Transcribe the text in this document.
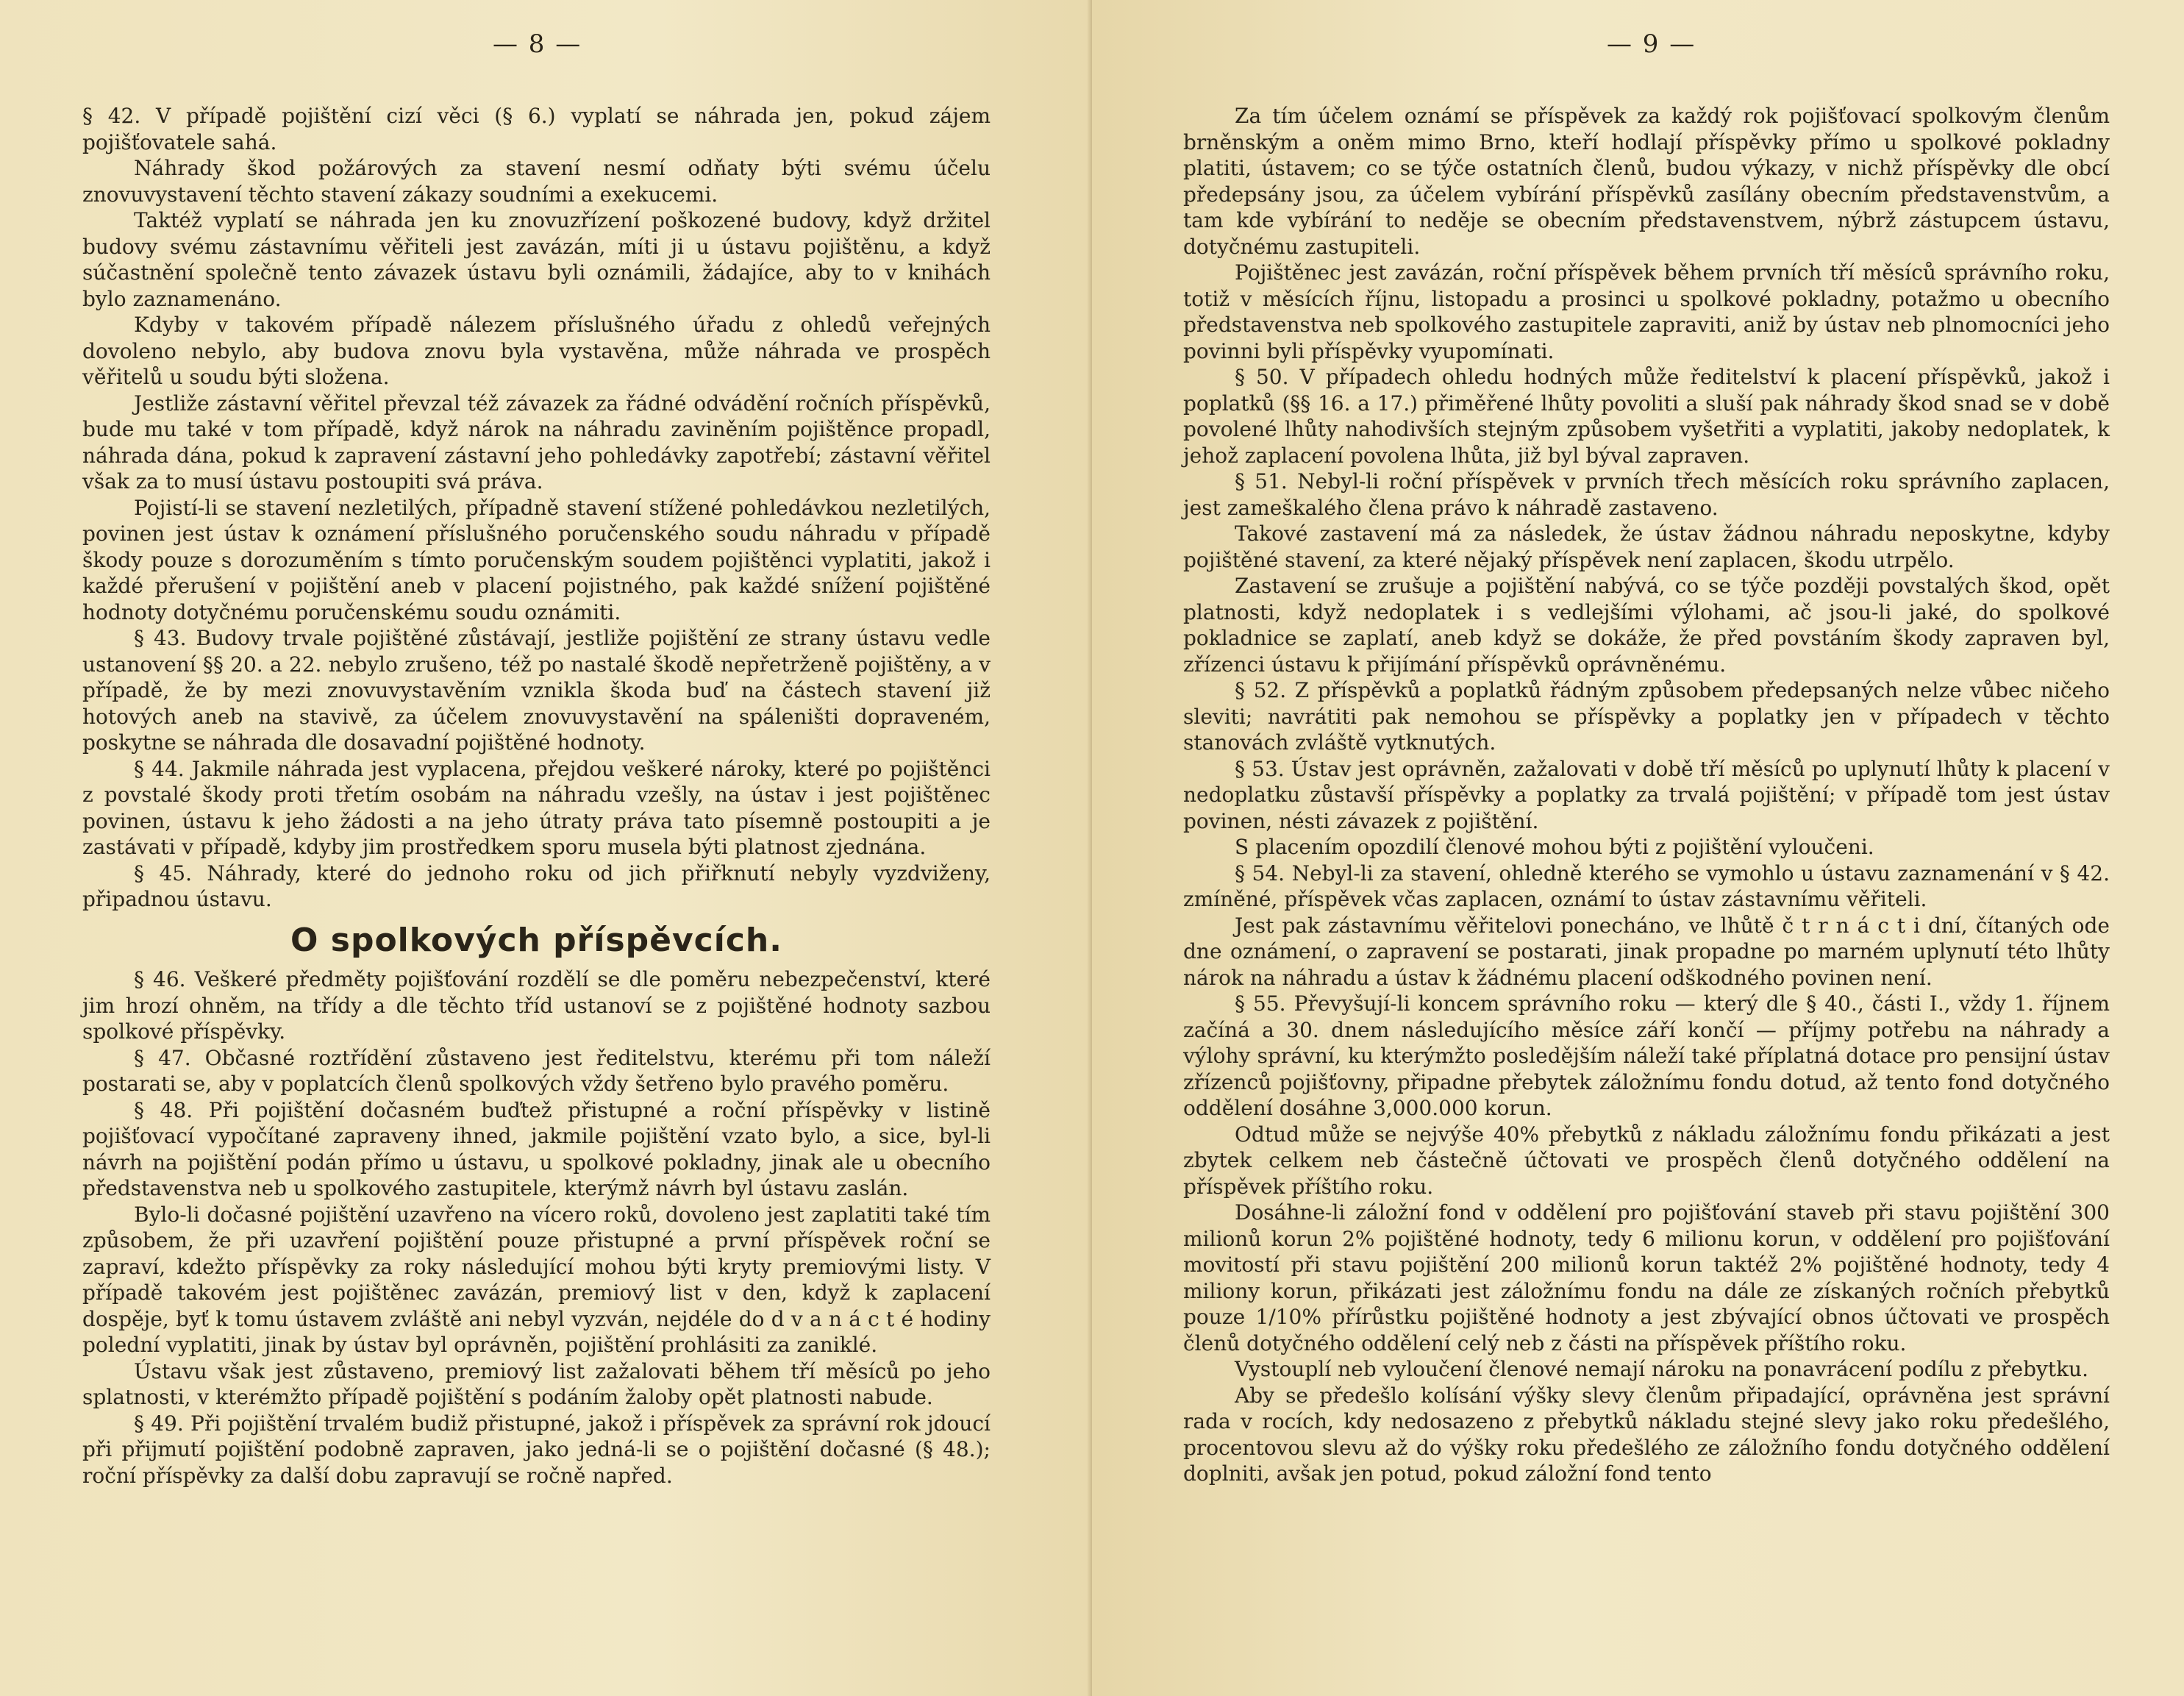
— 8 —

§ 42. V případě pojištění cizí věci (§ 6.) vyplatí se náhrada jen, pokud zájem pojišťovatele sahá.

Náhrady škod požárových za stavení nesmí odňaty býti svému účelu znovuvystavení těchto stavení zákazy soudními a exekucemi.

Taktéž vyplatí se náhrada jen ku znovuzřízení poškozené budovy, když držitel budovy svému zástavnímu věřiteli jest zavázán, míti ji u ústavu pojištěnu, a když súčastnění společně tento závazek ústavu byli oznámili, žádajíce, aby to v knihách bylo zaznamenáno.

Kdyby v takovém případě nálezem příslušného úřadu z ohledů veřejných dovoleno nebylo, aby budova znovu byla vystavěna, může náhrada ve prospěch věřitelů u soudu býti složena.

Jestliže zástavní věřitel převzal též závazek za řádné odvádění ročních příspěvků, bude mu také v tom případě, když nárok na náhradu zaviněním pojištěnce propadl, náhrada dána, pokud k zapravení zástavní jeho pohledávky zapotřebí; zástavní věřitel však za to musí ústavu postoupiti svá práva.

Pojistí-li se stavení nezletilých, případně stavení stížené pohledávkou nezletilých, povinen jest ústav k oznámení příslušného poručenského soudu náhradu v případě škody pouze s dorozuměním s tímto poručenským soudem pojištěnci vyplatiti, jakož i každé přerušení v pojištění aneb v placení pojistného, pak každé snížení pojištěné hodnoty dotyčnému poručenskému soudu oznámiti.

§ 43. Budovy trvale pojištěné zůstávají, jestliže pojištění ze strany ústavu vedle ustanovení §§ 20. a 22. nebylo zrušeno, též po nastalé škodě nepřetrženě pojištěny, a v případě, že by mezi znovuvystavěním vznikla škoda buď na částech stavení již hotových aneb na stavivě, za účelem znovuvystavění na spáleništi dopraveném, poskytne se náhrada dle dosavadní pojištěné hodnoty.

§ 44. Jakmile náhrada jest vyplacena, přejdou veškeré nároky, které po pojištěnci z povstalé škody proti třetím osobám na náhradu vzešly, na ústav i jest pojištěnec povinen, ústavu k jeho žádosti a na jeho útraty práva tato písemně postoupiti a je zastávati v případě, kdyby jim prostředkem sporu musela býti platnost zjednána.

§ 45. Náhrady, které do jednoho roku od jich přiřknutí nebyly vyzdviženy, připadnou ústavu.

O spolkových příspěvcích.

§ 46. Veškeré předměty pojišťování rozdělí se dle poměru nebezpečenství, které jim hrozí ohněm, na třídy a dle těchto tříd ustanoví se z pojištěné hodnoty sazbou spolkové příspěvky.

§ 47. Občasné roztřídění zůstaveno jest ředitelstvu, kterému při tom náleží postarati se, aby v poplatcích členů spolkových vždy šetřeno bylo pravého poměru.

§ 48. Při pojištění dočasném buďtež přistupné a roční příspěvky v listině pojišťovací vypočítané zapraveny ihned, jakmile pojištění vzato bylo, a sice, byl-li návrh na pojištění podán přímo u ústavu, u spolkové pokladny, jinak ale u obecního představenstva neb u spolkového zastupitele, kterýmž návrh byl ústavu zaslán.

Bylo-li dočasné pojištění uzavřeno na vícero roků, dovoleno jest zaplatiti také tím způsobem, že při uzavření pojištění pouze přistupné a první příspěvek roční se zapraví, kdežto příspěvky za roky následující mohou býti kryty premiovými listy. V případě takovém jest pojištěnec zavázán, premiový list v den, když k zaplacení dospěje, byť k tomu ústavem zvláště ani nebyl vyzván, nejdéle do d v a n á c t é hodiny polední vyplatiti, jinak by ústav byl oprávněn, pojištění prohlásiti za zaniklé.

Ústavu však jest zůstaveno, premiový list zažalovati během tří měsíců po jeho splatnosti, v kterémžto případě pojištění s podáním žaloby opět platnosti nabude.

§ 49. Při pojištění trvalém budiž přistupné, jakož i příspěvek za správní rok jdoucí při přijmutí pojištění podobně zapraven, jako jedná-li se o pojištění dočasné (§ 48.); roční příspěvky za další dobu zapravují se ročně napřed.

— 9 —

Za tím účelem oznámí se příspěvek za každý rok pojišťovací spolkovým členům brněnským a oněm mimo Brno, kteří hodlají příspěvky přímo u spolkové pokladny platiti, ústavem; co se týče ostatních členů, budou výkazy, v nichž příspěvky dle obcí předepsány jsou, za účelem vybírání příspěvků zasílány obecním představenstvům, a tam kde vybírání to neděje se obecním představenstvem, nýbrž zástupcem ústavu, dotyčnému zastupiteli.

Pojištěnec jest zavázán, roční příspěvek během prvních tří měsíců správního roku, totiž v měsících říjnu, listopadu a prosinci u spolkové pokladny, potažmo u obecního představenstva neb spolkového zastupitele zapraviti, aniž by ústav neb plnomocníci jeho povinni byli příspěvky vyupomínati.

§ 50. V případech ohledu hodných může ředitelství k placení příspěvků, jakož i poplatků (§§ 16. a 17.) přiměřené lhůty povoliti a sluší pak náhrady škod snad se v době povolené lhůty nahodivších stejným způsobem vyšetřiti a vyplatiti, jakoby nedoplatek, k jehož zaplacení povolena lhůta, již byl býval zapraven.

§ 51. Nebyl-li roční příspěvek v prvních třech měsících roku správního zaplacen, jest zameškalého člena právo k náhradě zastaveno.

Takové zastavení má za následek, že ústav žádnou náhradu neposkytne, kdyby pojištěné stavení, za které nějaký příspěvek není zaplacen, škodu utrpělo.

Zastavení se zrušuje a pojištění nabývá, co se týče později povstalých škod, opět platnosti, když nedoplatek i s vedlejšími výlohami, ač jsou-li jaké, do spolkové pokladnice se zaplatí, aneb když se dokáže, že před povstáním škody zapraven byl, zřízenci ústavu k přijímání příspěvků oprávněnému.

§ 52. Z příspěvků a poplatků řádným způsobem předepsaných nelze vůbec ničeho sleviti; navrátiti pak nemohou se příspěvky a poplatky jen v případech v těchto stanovách zvláště vytknutých.

§ 53. Ústav jest oprávněn, zažalovati v době tří měsíců po uplynutí lhůty k placení v nedoplatku zůstavší příspěvky a poplatky za trvalá pojištění; v případě tom jest ústav povinen, nésti závazek z pojištění.

S placením opozdilí členové mohou býti z pojištění vyloučeni.

§ 54. Nebyl-li za stavení, ohledně kterého se vymohlo u ústavu zaznamenání v § 42. zmíněné, příspěvek včas zaplacen, oznámí to ústav zástavnímu věřiteli.

Jest pak zástavnímu věřitelovi ponecháno, ve lhůtě č t r n á c t i dní, čítaných ode dne oznámení, o zapravení se postarati, jinak propadne po marném uplynutí této lhůty nárok na náhradu a ústav k žádnému placení odškodného povinen není.

§ 55. Převyšují-li koncem správního roku — který dle § 40., části I., vždy 1. říjnem začíná a 30. dnem následujícího měsíce září končí — příjmy potřebu na náhrady a výlohy správní, ku kterýmžto posledějším náleží také příplatná dotace pro pensijní ústav zřízenců pojišťovny, připadne přebytek záložnímu fondu dotud, až tento fond dotyčného oddělení dosáhne 3,000.000 korun.

Odtud může se nejvýše 40% přebytků z nákladu záložnímu fondu přikázati a jest zbytek celkem neb částečně účtovati ve prospěch členů dotyčného oddělení na příspěvek příštího roku.

Dosáhne-li záložní fond v oddělení pro pojišťování staveb při stavu pojištění 300 milionů korun 2% pojištěné hodnoty, tedy 6 milionu korun, v oddělení pro pojišťování movitostí při stavu pojištění 200 milionů korun taktéž 2% pojištěné hodnoty, tedy 4 miliony korun, přikázati jest záložnímu fondu na dále ze získaných ročních přebytků pouze 1/10% přírůstku pojištěné hodnoty a jest zbývající obnos účtovati ve prospěch členů dotyčného oddělení celý neb z části na příspěvek příštího roku.

Vystouplí neb vyloučení členové nemají nároku na ponavrácení podílu z přebytku.

Aby se předešlo kolísání výšky slevy členům připadající, oprávněna jest správní rada v rocích, kdy nedosazeno z přebytků nákladu stejné slevy jako roku předešlého, procentovou slevu až do výšky roku předešlého ze záložního fondu dotyčného oddělení doplniti, avšak jen potud, pokud záložní fond tento
